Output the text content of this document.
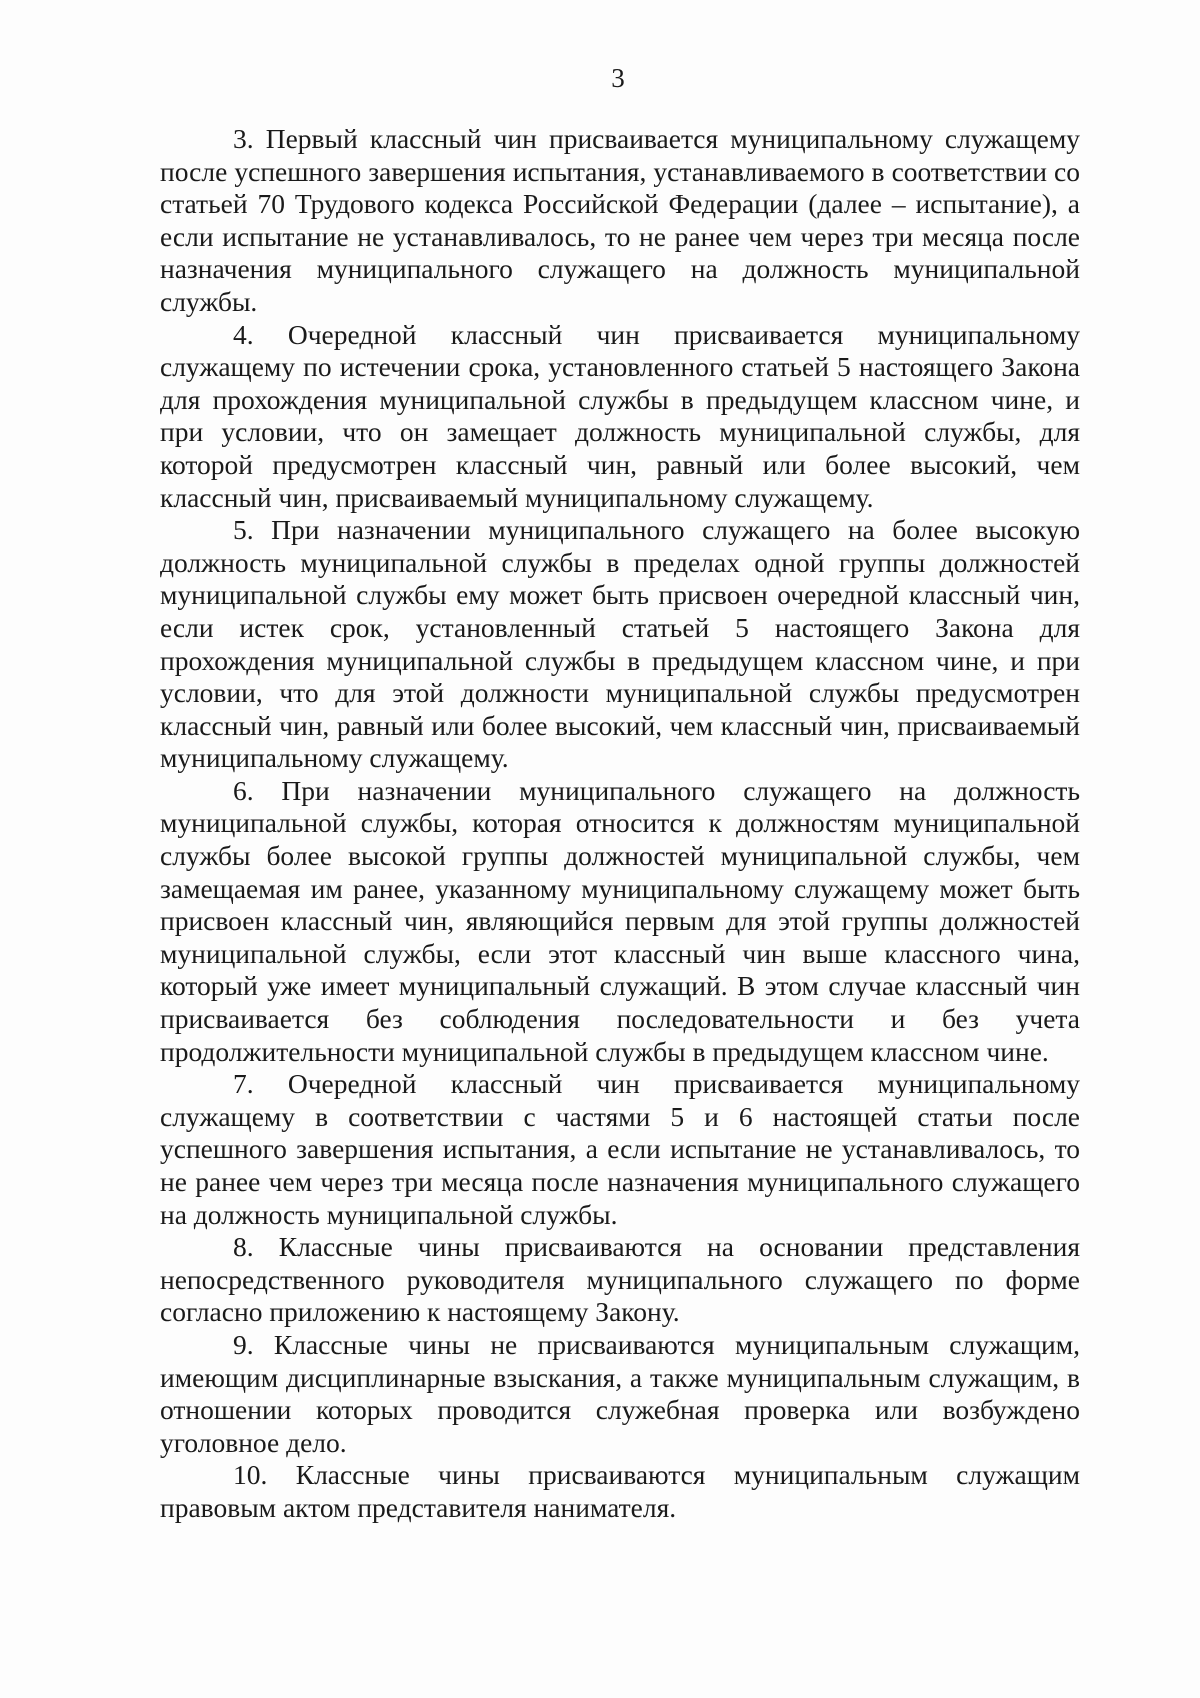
3

3. Первый классный чин присваивается муниципальному служащему после успешного завершения испытания, устанавливаемого в соответствии со статьей 70 Трудового кодекса Российской Федерации (далее – испытание), а если испытание не устанавливалось, то не ранее чем через три месяца после назначения муниципального служащего на должность муниципальной службы.

4. Очередной классный чин присваивается муниципальному служащему по истечении срока, установленного статьей 5 настоящего Закона для прохождения муниципальной службы в предыдущем классном чине, и при условии, что он замещает должность муниципальной службы, для которой предусмотрен классный чин, равный или более высокий, чем классный чин, присваиваемый муниципальному служащему.

5. При назначении муниципального служащего на более высокую должность муниципальной службы в пределах одной группы должностей муниципальной службы ему может быть присвоен очередной классный чин, если истек срок, установленный статьей 5 настоящего Закона для прохождения муниципальной службы в предыдущем классном чине, и при условии, что для этой должности муниципальной службы предусмотрен классный чин, равный или более высокий, чем классный чин, присваиваемый муниципальному служащему.

6. При назначении муниципального служащего на должность муниципальной службы, которая относится к должностям муниципальной службы более высокой группы должностей муниципальной службы, чем замещаемая им ранее, указанному муниципальному служащему может быть присвоен классный чин, являющийся первым для этой группы должностей муниципальной службы, если этот классный чин выше классного чина, который уже имеет муниципальный служащий. В этом случае классный чин присваивается без соблюдения последовательности и без учета продолжительности муниципальной службы в предыдущем классном чине.

7. Очередной классный чин присваивается муниципальному служащему в соответствии с частями 5 и 6 настоящей статьи после успешного завершения испытания, а если испытание не устанавливалось, то не ранее чем через три месяца после назначения муниципального служащего на должность муниципальной службы.

8. Классные чины присваиваются на основании представления непосредственного руководителя муниципального служащего по форме согласно приложению к настоящему Закону.

9. Классные чины не присваиваются муниципальным служащим, имеющим дисциплинарные взыскания, а также муниципальным служащим, в отношении которых проводится служебная проверка или возбуждено уголовное дело.

10. Классные чины присваиваются муниципальным служащим правовым актом представителя нанимателя.
